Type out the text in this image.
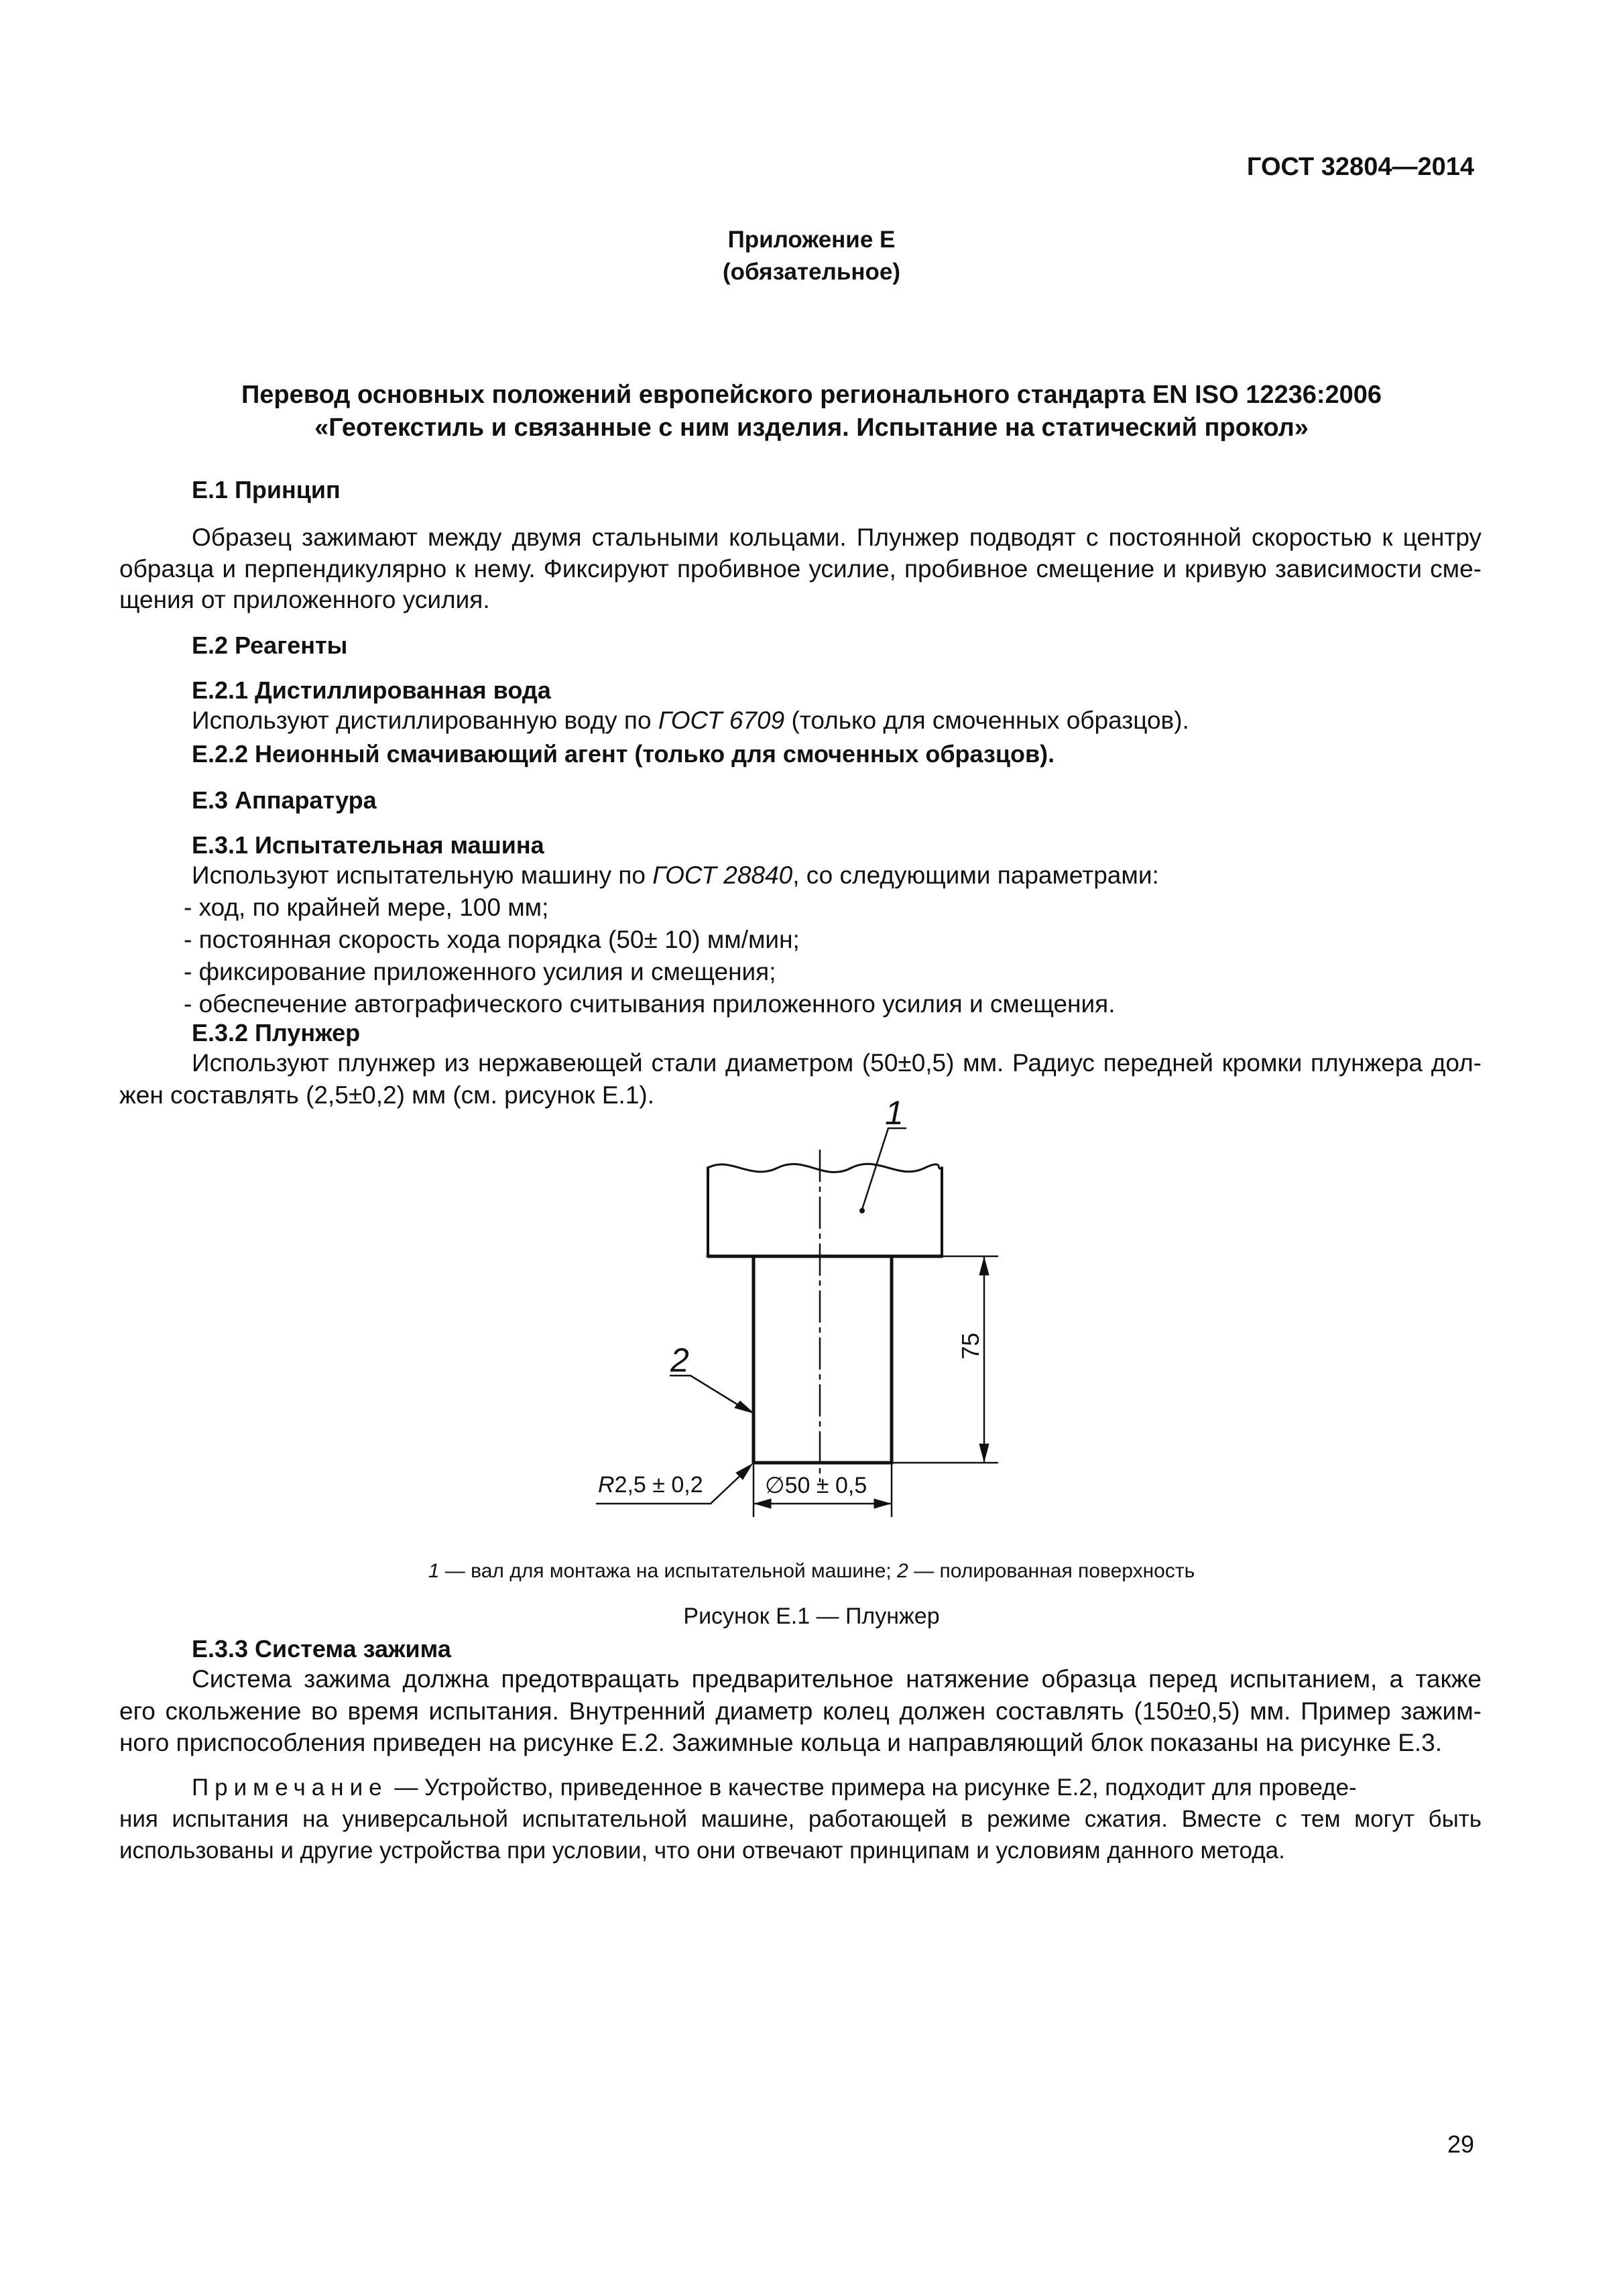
ГОСТ 32804—2014
Приложение Е
(обязательное)
Перевод основных положений европейского регионального стандарта EN ISO 12236:2006
«Геотекстиль и связанные с ним изделия. Испытание на статический прокол»
Е.1 Принцип
Образец зажимают между двумя стальными кольцами. Плунжер подводят с постоянной скоростью к центру
образца и перпендикулярно к нему. Фиксируют пробивное усилие, пробивное смещение и кривую зависимости сме-
щения от приложенного усилия.
Е.2 Реагенты
Е.2.1 Дистиллированная вода
Используют дистиллированную воду по ГОСТ 6709 (только для смоченных образцов).
Е.2.2 Неионный смачивающий агент (только для смоченных образцов).
Е.3 Аппаратура
Е.3.1 Испытательная машина
Используют испытательную машину по ГОСТ 28840, со следующими параметрами:
- ход, по крайней мере, 100 мм;
- постоянная скорость хода порядка (50± 10) мм/мин;
- фиксирование приложенного усилия и смещения;
- обеспечение автографического считывания приложенного усилия и смещения.
Е.3.2 Плунжер
Используют плунжер из нержавеющей стали диаметром (50±0,5) мм. Радиус передней кромки плунжера дол-
жен составлять (2,5±0,2) мм (см. рисунок Е.1).	1
2	75
R2,5 ± 0,2	∅50 ± 0,5
1 — вал для монтажа на испытательной машине; 2 — полированная поверхность
Рисунок Е.1 — Плунжер
Е.3.3 Система зажима
Система зажима должна предотвращать предварительное натяжение образца перед испытанием, а также
его скольжение во время испытания. Внутренний диаметр колец должен составлять (150±0,5) мм. Пример зажим-
ного приспособления приведен на рисунке Е.2. Зажимные кольца и направляющий блок показаны на рисунке Е.3.
Примечание — Устройство, приведенное в качестве примера на рисунке Е.2, подходит для проведе-
ния испытания на универсальной испытательной машине, работающей в режиме сжатия. Вместе с тем могут быть
использованы и другие устройства при условии, что они отвечают принципам и условиям данного метода.
29
